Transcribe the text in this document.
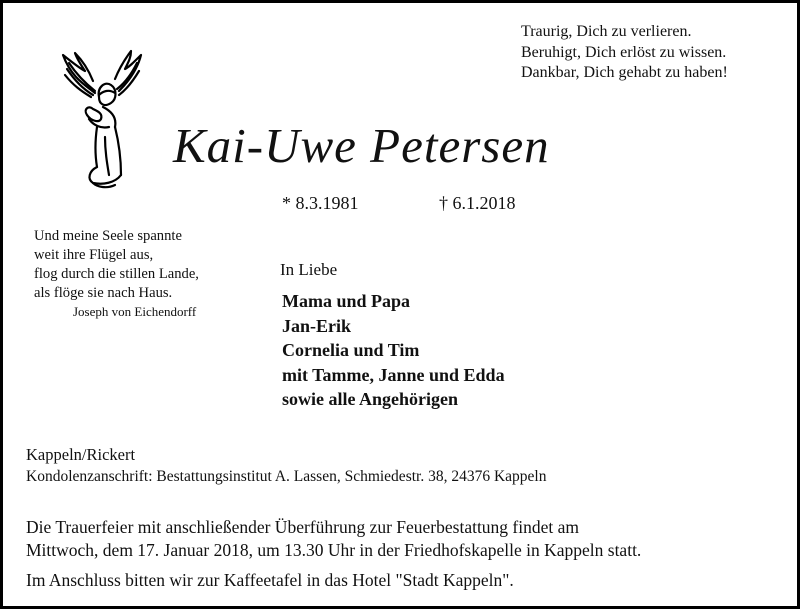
Traurig, Dich zu verlieren.
Beruhigt, Dich erlöst zu wissen.
Dankbar, Dich gehabt zu haben!
Kai-Uwe Petersen
* 8.3.1981	† 6.1.2018
Und meine Seele spannte
weit ihre Flügel aus,
flog durch die stillen Lande,
als flöge sie nach Haus.
Joseph von Eichendorff
In Liebe
Mama und Papa
Jan-Erik
Cornelia und Tim
mit Tamme, Janne und Edda
sowie alle Angehörigen
Kappeln/Rickert
Kondolenzanschrift: Bestattungsinstitut A. Lassen, Schmiedestr. 38, 24376 Kappeln
Die Trauerfeier mit anschließender Überführung zur Feuerbestattung findet am
Mittwoch, dem 17. Januar 2018, um 13.30 Uhr in der Friedhofskapelle in Kappeln statt.
Im Anschluss bitten wir zur Kaffeetafel in das Hotel "Stadt Kappeln".
